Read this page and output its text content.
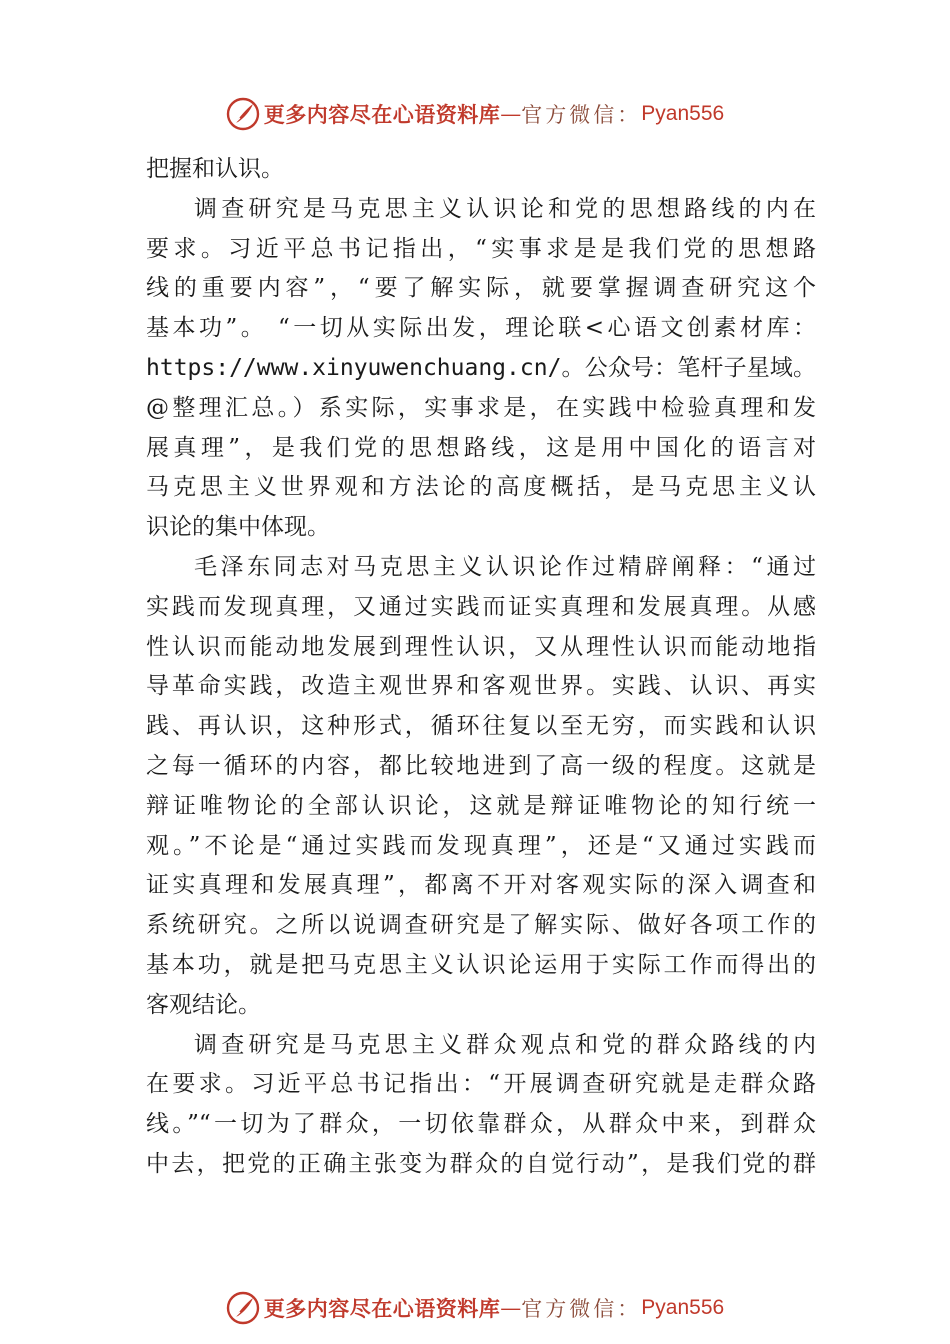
更多内容尽在心语资料库 — 官方微信： Pyan556
把握和认识。
调查研究是马克思主义认识论和党的思想路线的内在
要求。习近平总书记指出，“实事求是是我们党的思想路
线的重要内容”，“要了解实际，就要掌握调查研究这个
基本功”。 “一切从实际出发，理论联<心语文创素材库：
https://www.xinyuwenchuang.cn/。公众号：笔杆子星域。
@整理汇总。）系实际，实事求是，在实践中检验真理和发
展真理”，是我们党的思想路线，这是用中国化的语言对
马克思主义世界观和方法论的高度概括，是马克思主义认
识论的集中体现。
毛泽东同志对马克思主义认识论作过精辟阐释：“通过
实践而发现真理，又通过实践而证实真理和发展真理。从感
性认识而能动地发展到理性认识，又从理性认识而能动地指
导革命实践，改造主观世界和客观世界。实践、认识、再实
践、再认识，这种形式，循环往复以至无穷，而实践和认识
之每一循环的内容，都比较地进到了高一级的程度。这就是
辩证唯物论的全部认识论，这就是辩证唯物论的知行统一
观。”不论是“通过实践而发现真理”，还是“又通过实践而
证实真理和发展真理”，都离不开对客观实际的深入调查和
系统研究。之所以说调查研究是了解实际、做好各项工作的
基本功，就是把马克思主义认识论运用于实际工作而得出的
客观结论。
调查研究是马克思主义群众观点和党的群众路线的内
在要求。习近平总书记指出：“开展调查研究就是走群众路
线。”“一切为了群众，一切依靠群众，从群众中来，到群众
中去，把党的正确主张变为群众的自觉行动”，是我们党的群
更多内容尽在心语资料库 — 官方微信： Pyan556
